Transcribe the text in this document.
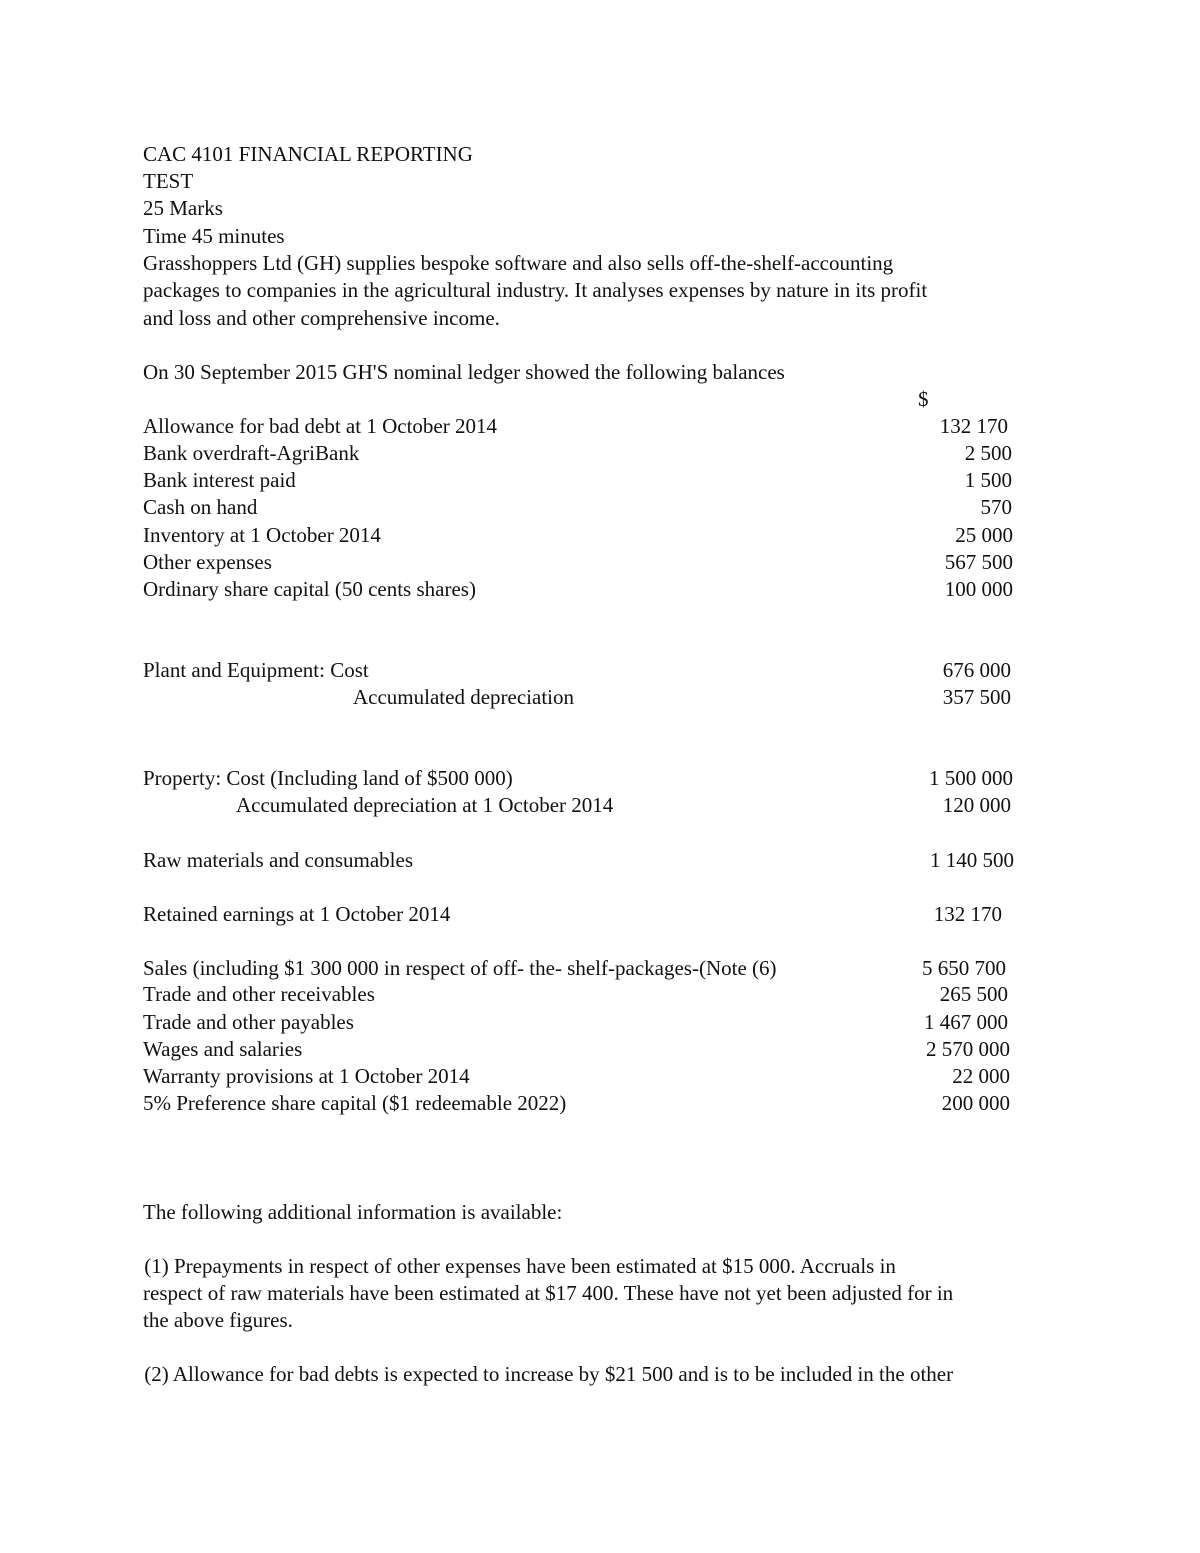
CAC 4101 FINANCIAL REPORTING
TEST
25 Marks
Time 45 minutes
Grasshoppers Ltd (GH) supplies bespoke software and also sells off-the-shelf-accounting
packages to companies in the agricultural industry. It analyses expenses by nature in its profit
and loss and other comprehensive income.
On 30 September 2015 GH'S nominal ledger showed the following balances
$
Allowance for bad debt at 1 October 2014	132 170
Bank overdraft-AgriBank	2 500
Bank interest paid	1 500
Cash on hand	570
Inventory at 1 October 2014	25 000
Other expenses	567 500
Ordinary share capital (50 cents shares)	100 000
Plant and Equipment: Cost	676 000
Accumulated depreciation	357 500
Property: Cost (Including land of $500 000)	1 500 000
Accumulated depreciation at 1 October 2014	120 000
Raw materials and consumables	1 140 500
Retained earnings at 1 October 2014	132 170
Sales (including $1 300 000 in respect of off- the- shelf-packages-(Note (6)	5 650 700
Trade and other receivables	265 500
Trade and other payables	1 467 000
Wages and salaries	2 570 000
Warranty provisions at 1 October 2014	22 000
5% Preference share capital ($1 redeemable 2022)	200 000
The following additional information is available:
(1) Prepayments in respect of other expenses have been estimated at $15 000. Accruals in
respect of raw materials have been estimated at $17 400. These have not yet been adjusted for in
the above figures.
(2) Allowance for bad debts is expected to increase by $21 500 and is to be included in the other
